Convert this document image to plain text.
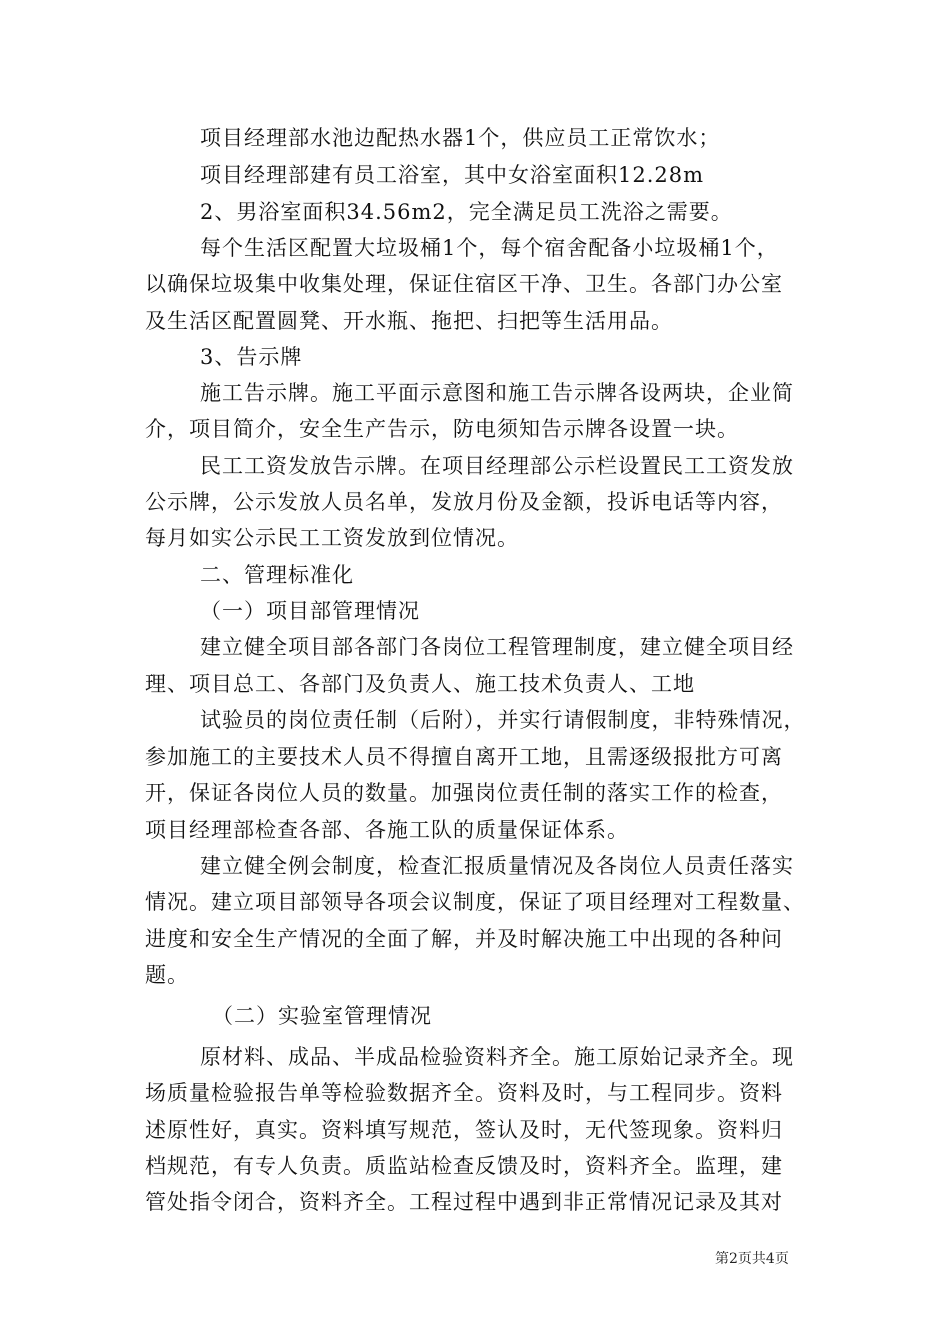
项目经理部水池边配热水器1个，供应员工正常饮水；
项目经理部建有员工浴室，其中女浴室面积12.28m
2、男浴室面积34.56m2，完全满足员工洗浴之需要。
每个生活区配置大垃圾桶1个，每个宿舍配备小垃圾桶1个，
以确保垃圾集中收集处理，保证住宿区干净、卫生。各部门办公室
及生活区配置圆凳、开水瓶、拖把、扫把等生活用品。
3、告示牌
施工告示牌。施工平面示意图和施工告示牌各设两块，企业简
介，项目简介，安全生产告示，防电须知告示牌各设置一块。
民工工资发放告示牌。在项目经理部公示栏设置民工工资发放
公示牌，公示发放人员名单，发放月份及金额，投诉电话等内容，
每月如实公示民工工资发放到位情况。
二、管理标准化
（一）项目部管理情况
建立健全项目部各部门各岗位工程管理制度，建立健全项目经
理、项目总工、各部门及负责人、施工技术负责人、工地
试验员的岗位责任制（后附），并实行请假制度，非特殊情况，
参加施工的主要技术人员不得擅自离开工地，且需逐级报批方可离
开，保证各岗位人员的数量。加强岗位责任制的落实工作的检查，
项目经理部检查各部、各施工队的质量保证体系。
建立健全例会制度，检查汇报质量情况及各岗位人员责任落实
情况。建立项目部领导各项会议制度，保证了项目经理对工程数量、
进度和安全生产情况的全面了解，并及时解决施工中出现的各种问
题。
（二）实验室管理情况
原材料、成品、半成品检验资料齐全。施工原始记录齐全。现
场质量检验报告单等检验数据齐全。资料及时，与工程同步。资料
述原性好，真实。资料填写规范，签认及时，无代签现象。资料归
档规范，有专人负责。质监站检查反馈及时，资料齐全。监理，建
管处指令闭合，资料齐全。工程过程中遇到非正常情况记录及其对
第2页共4页
